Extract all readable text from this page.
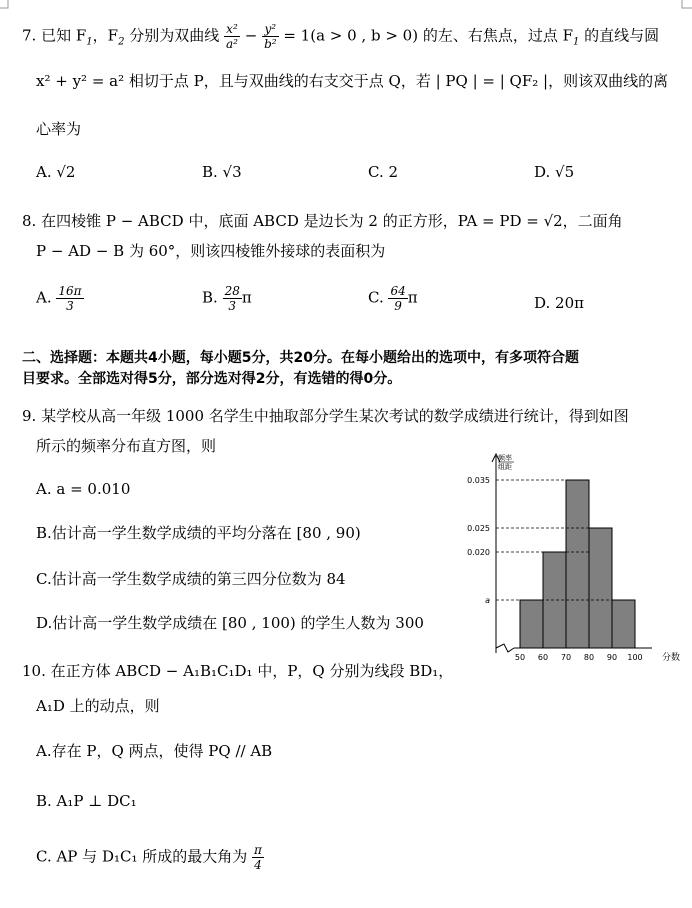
7. 已知 $F_1$，$F_2$ 分别为双曲线 $\frac{\text{x²}}{\text{a²}} - \frac{\text{y²}}{\text{b²}} = 1(a > 0$ , b > 0) 的左、右焦点，过点 $F_1$ 的直线与圆
x² + y² = a² 相切于点 P，且与双曲线的右支交于点 Q，若 | PQ | = | QF₂ |，则该双曲线的离
心率为
A. √2	B. √3	C. 2	D. √5
8. 在四棱锥 P − ABCD 中，底面 ABCD 是边长为 2 的正方形，PA = PD = √2，二面角
P − AD − B 为 60°，则该四棱锥外接球的表面积为
A. $\frac{16\pi}{3}$	B. $\frac{28}{3}$ π	C. $\frac{64}{9}$ π	D. 20π
二、选择题：本题共4小题，每小题5分，共20分。在每小题给出的选项中，有多项符合题
目要求。全部选对得5分，部分选对得2分，有选错的得0分。
9. 某学校从高一年级 1000 名学生中抽取部分学生某次考试的数学成绩进行统计，得到如图
所示的频率分布直方图，则
A. a = 0.010
B.估计高一学生数学成绩的平均分落在 [80 , 90)
C.估计高一学生数学成绩的第三四分位数为 84
D.估计高一学生数学成绩在 [80 , 100) 的学生人数为 300
频率
组距
分数
50 60 70 80 90 100
0.035
0.025
0.020
a
10. 在正方体 ABCD − A₁B₁C₁D₁ 中，P，Q 分别为线段 BD₁，
A₁D 上的动点，则
A.存在 P，Q 两点，使得 PQ // AB
B. A₁P ⊥ DC₁
C. AP 与 D₁C₁ 所成的最大角为 $\frac{\pi}{4}$
